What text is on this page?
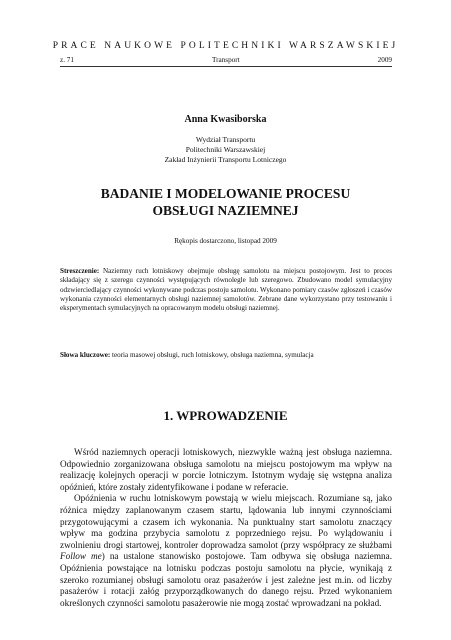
PRACE NAUKOWE POLITECHNIKI WARSZAWSKIEJ
z. 71	Transport	2009
Anna Kwasiborska
Wydział Transportu
Politechniki Warszawskiej
Zakład Inżynierii Transportu Lotniczego
BADANIE I MODELOWANIE PROCESU
OBSŁUGI NAZIEMNEJ
Rękopis dostarczono, listopad 2009
Streszczenie: Naziemny ruch lotniskowy obejmuje obsługę samolotu na miejscu postojowym. Jest to proces składający się z szeregu czynności występujących równolegle lub szeregowo. Zbudowano model symulacyjny odzwierciedlający czynności wykonywane podczas postoju samolotu. Wykonano pomiary czasów zgłoszeń i czasów wykonania czynności elementarnych obsługi naziemnej samolotów. Zebrane dane wykorzystano przy testowaniu i eksperymentach symulacyjnych na opracowanym modelu obsługi naziemnej.
Słowa kluczowe: teoria masowej obsługi, ruch lotniskowy, obsługa naziemna, symulacja
1. WPROWADZENIE

Wśród naziemnych operacji lotniskowych, niezwykle ważną jest obsługa naziemna. Odpowiednio zorganizowana obsługa samolotu na miejscu postojowym ma wpływ na realizację kolejnych operacji w porcie lotniczym. Istotnym wydaję się wstępna analiza opóźnień, które zostały zidentyfikowane i podane w referacie.

Opóźnienia w ruchu lotniskowym powstają w wielu miejscach. Rozumiane są, jako różnica między zaplanowanym czasem startu, lądowania lub innymi czynnościami przygotowującymi a czasem ich wykonania. Na punktualny start samolotu znaczący wpływ ma godzina przybycia samolotu z poprzedniego rejsu. Po wylądowaniu i zwolnieniu drogi startowej, kontroler doprowadza samolot (przy współpracy ze służbami Follow me) na ustalone stanowisko postojowe. Tam odbywa się obsługa naziemna. Opóźnienia powstające na lotnisku podczas postoju samolotu na płycie, wynikają z szeroko rozumianej obsługi samolotu oraz pasażerów i jest zależne jest m.in. od liczby pasażerów i rotacji załóg przyporządkowanych do danego rejsu. Przed wykonaniem określonych czynności samolotu pasażerowie nie mogą zostać wprowadzani na pokład.
